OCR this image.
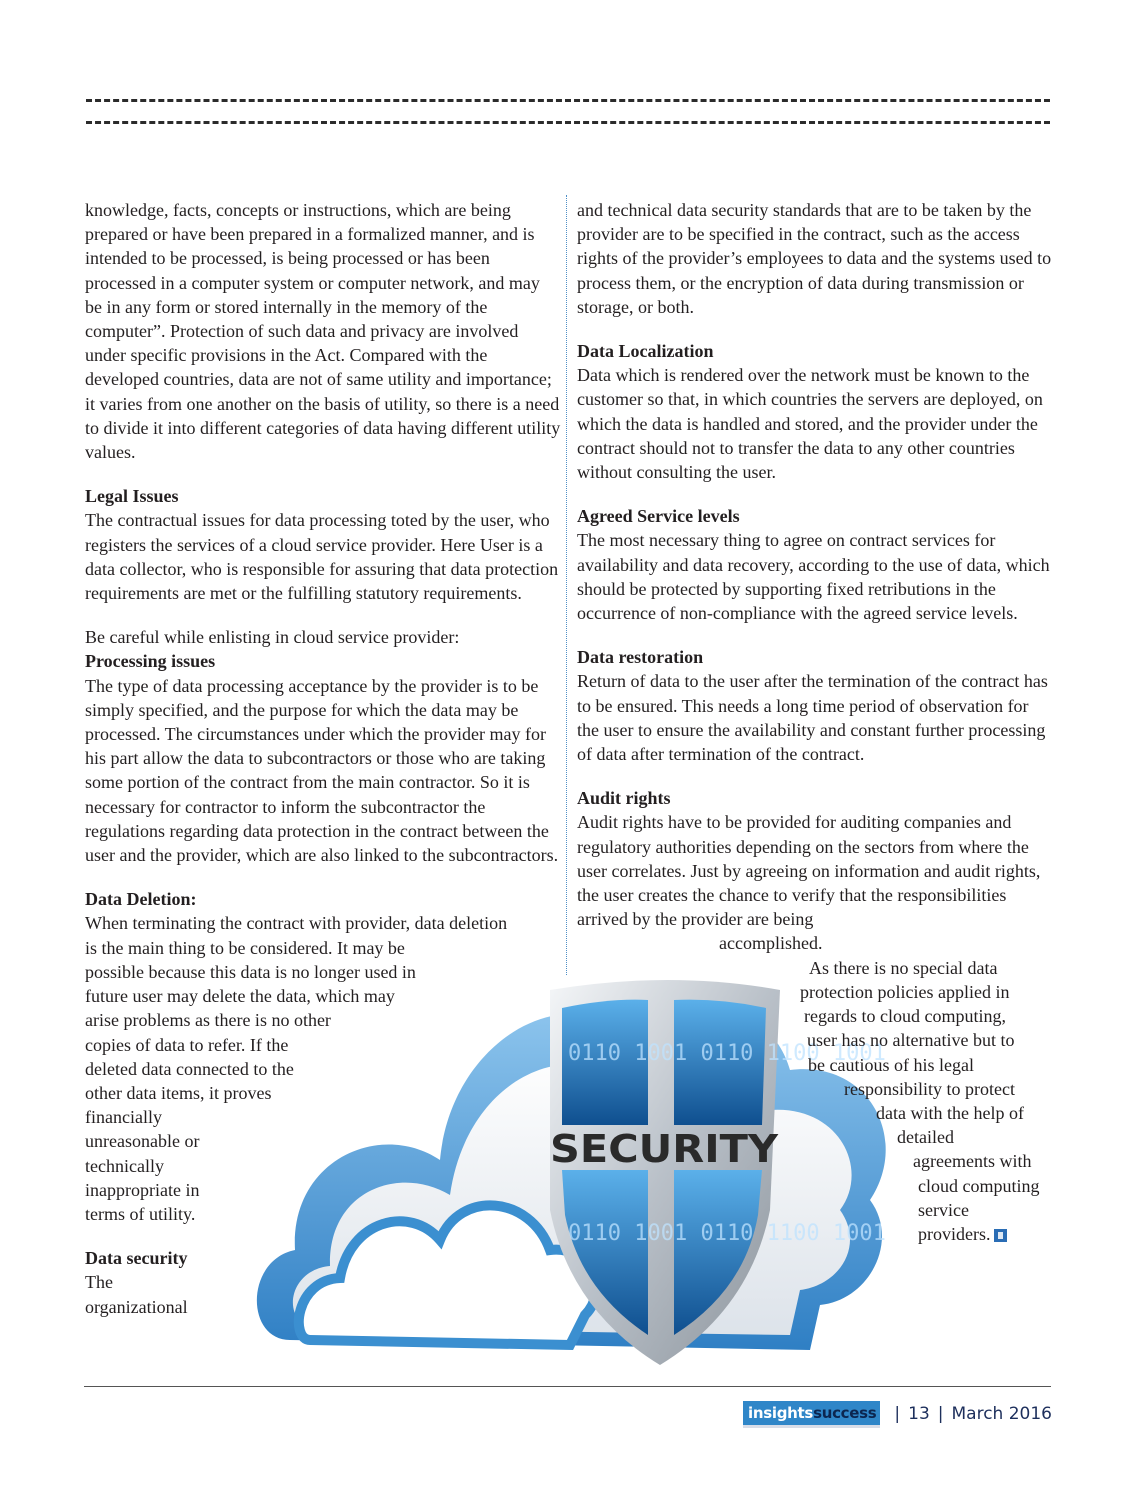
0110 1001 0110 1100 1001
0110 1001 0110 1100 1001
SECURITY

knowledge, facts, concepts or instructions, which are being prepared or have been prepared in a formalized manner, and is intended to be processed, is being processed or has been processed in a computer system or computer network, and may be in any form or stored internally in the memory of the computer”. Protection of such data and privacy are involved under specific provisions in the Act. Compared with the developed countries, data are not of same utility and importance; it varies from one another on the basis of utility, so there is a need to divide it into different categories of data having different utility values.

Legal Issues

The contractual issues for data processing toted by the user, who registers the services of a cloud service provider. Here User is a data collector, who is responsible for assuring that data protection requirements are met or the fulfilling statutory requirements.

Be careful while enlisting in cloud service provider:

Processing issues

The type of data processing acceptance by the provider is to be simply specified, and the purpose for which the data may be processed. The circumstances under which the provider may for his part allow the data to subcontractors or those who are taking some portion of the contract from the main contractor. So it is necessary for contractor to inform the subcontractor the regulations regarding data protection in the contract between the user and the provider, which are also linked to the subcontractors.

Data Deletion:
When terminating the contract with provider, data deletion
is the main thing to be considered. It may be
possible because this data is no longer used in
future user may delete the data, which may
arise problems as there is no other
copies of data to refer. If the
deleted data connected to the
other data items, it proves
financially
unreasonable or
technically
inappropriate in
terms of utility.
Data security
The
organizational

and technical data security standards that are to be taken by the provider are to be specified in the contract, such as the access rights of the provider’s employees to data and the systems used to process them, or the encryption of data during transmission or storage, or both.

Data Localization

Data which is rendered over the network must be known to the customer so that, in which countries the servers are deployed, on which the data is handled and stored, and the provider under the contract should not to transfer the data to any other countries without consulting the user.

Agreed Service levels

The most necessary thing to agree on contract services for availability and data recovery, according to the use of data, which should be protected by supporting fixed retributions in the occurrence of non-compliance with the agreed service levels.

Data restoration

Return of data to the user after the termination of the contract has to be ensured. This needs a long time period of observation for the user to ensure the availability and constant further processing of data after termination of the contract.

Audit rights

Audit rights have to be provided for auditing companies and regulatory authorities depending on the sectors from where the user correlates. Just by agreeing on information and audit rights, the user creates the chance to verify that the responsibilities arrived by the provider are being

accomplished.
As there is no special data
protection policies applied in
regards to cloud computing,
user has no alternative but to
be cautious of his legal
responsibility to protect
data with the help of
detailed
agreements with
cloud computing
service
providers.
insights success | 13 | March 2016
